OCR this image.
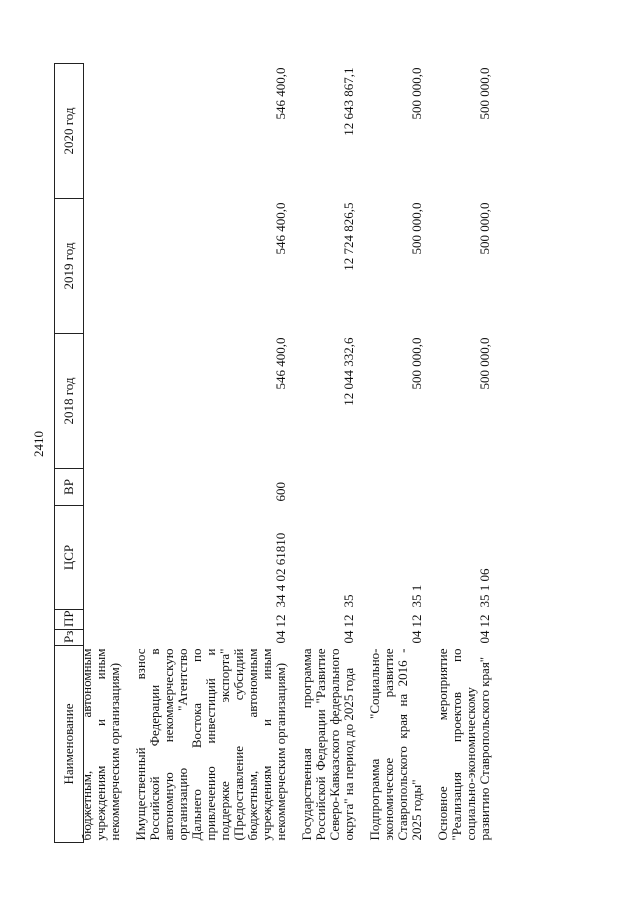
2410
Наименование	Рз	ПР	ЦСР	ВР	2018 год	2019 год	2020 год

бюджетным, автономным учреждениям и иным некоммерческим организациям)							

Имущественный взнос Российской Федерации в автономную некоммерческую организацию "Агентство Дальнего Востока по привлечению инвестиций и поддержке экспорта" (Предоставление субсидий бюджетным, автономным учреждениям и иным некоммерческим организациям)	04	12	34 4 02 61810	600	546 400,0	546 400,0	546 400,0
Государственная программа Российской Федерации "Развитие Северо-Кавказского федерального округа" на период до 2025 года	04	12	35		12 044 332,6	12 724 826,5	12 643 867,1
Подпрограмма "Социально-экономическое развитие Ставропольского края на 2016 - 2025 годы"	04	12	35 1		500 000,0	500 000,0	500 000,0
Основное мероприятие "Реализация проектов по социально-экономическому развитию Ставропольского края"	04	12	35 1 06		500 000,0	500 000,0	500 000,0
